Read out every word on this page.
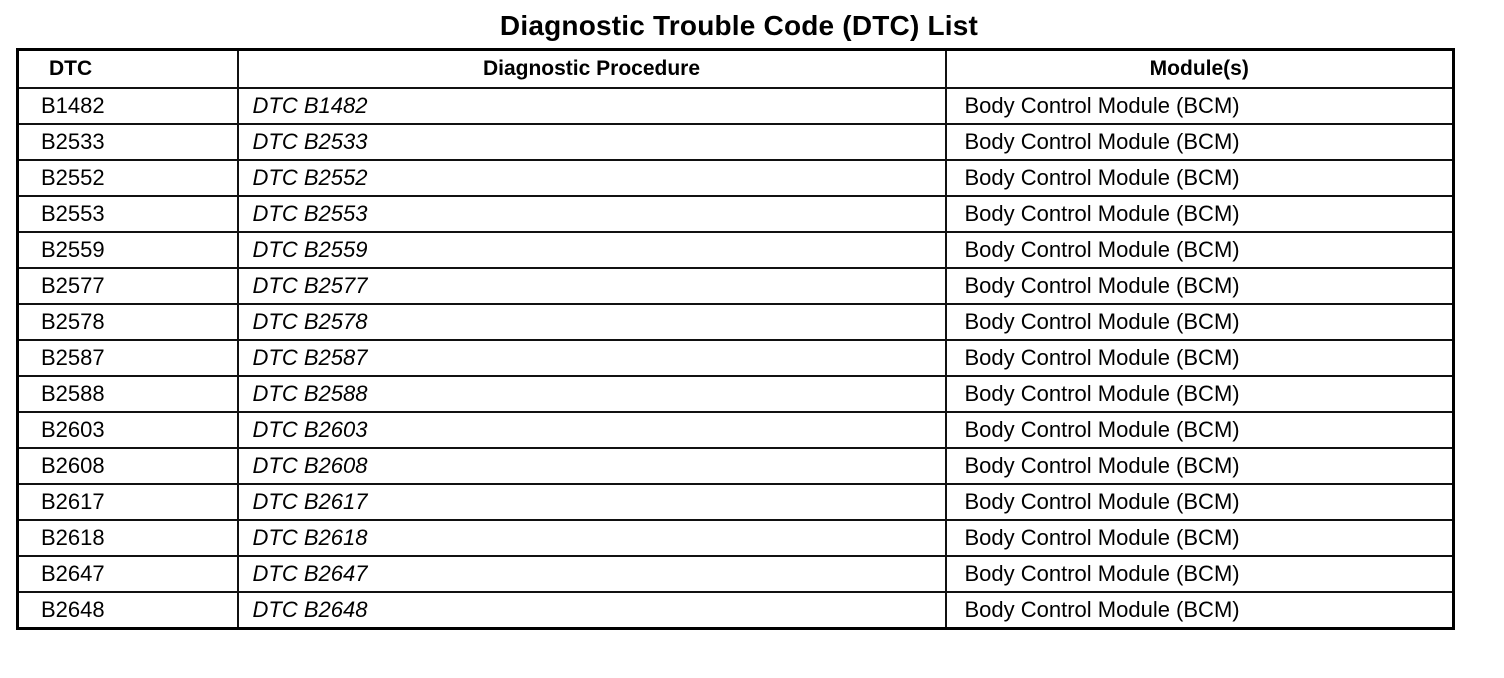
Diagnostic Trouble Code (DTC) List
DTC	Diagnostic Procedure	Module(s)
B1482	DTC B1482	Body Control Module (BCM)
B2533	DTC B2533	Body Control Module (BCM)
B2552	DTC B2552	Body Control Module (BCM)
B2553	DTC B2553	Body Control Module (BCM)
B2559	DTC B2559	Body Control Module (BCM)
B2577	DTC B2577	Body Control Module (BCM)
B2578	DTC B2578	Body Control Module (BCM)
B2587	DTC B2587	Body Control Module (BCM)
B2588	DTC B2588	Body Control Module (BCM)
B2603	DTC B2603	Body Control Module (BCM)
B2608	DTC B2608	Body Control Module (BCM)
B2617	DTC B2617	Body Control Module (BCM)
B2618	DTC B2618	Body Control Module (BCM)
B2647	DTC B2647	Body Control Module (BCM)
B2648	DTC B2648	Body Control Module (BCM)
